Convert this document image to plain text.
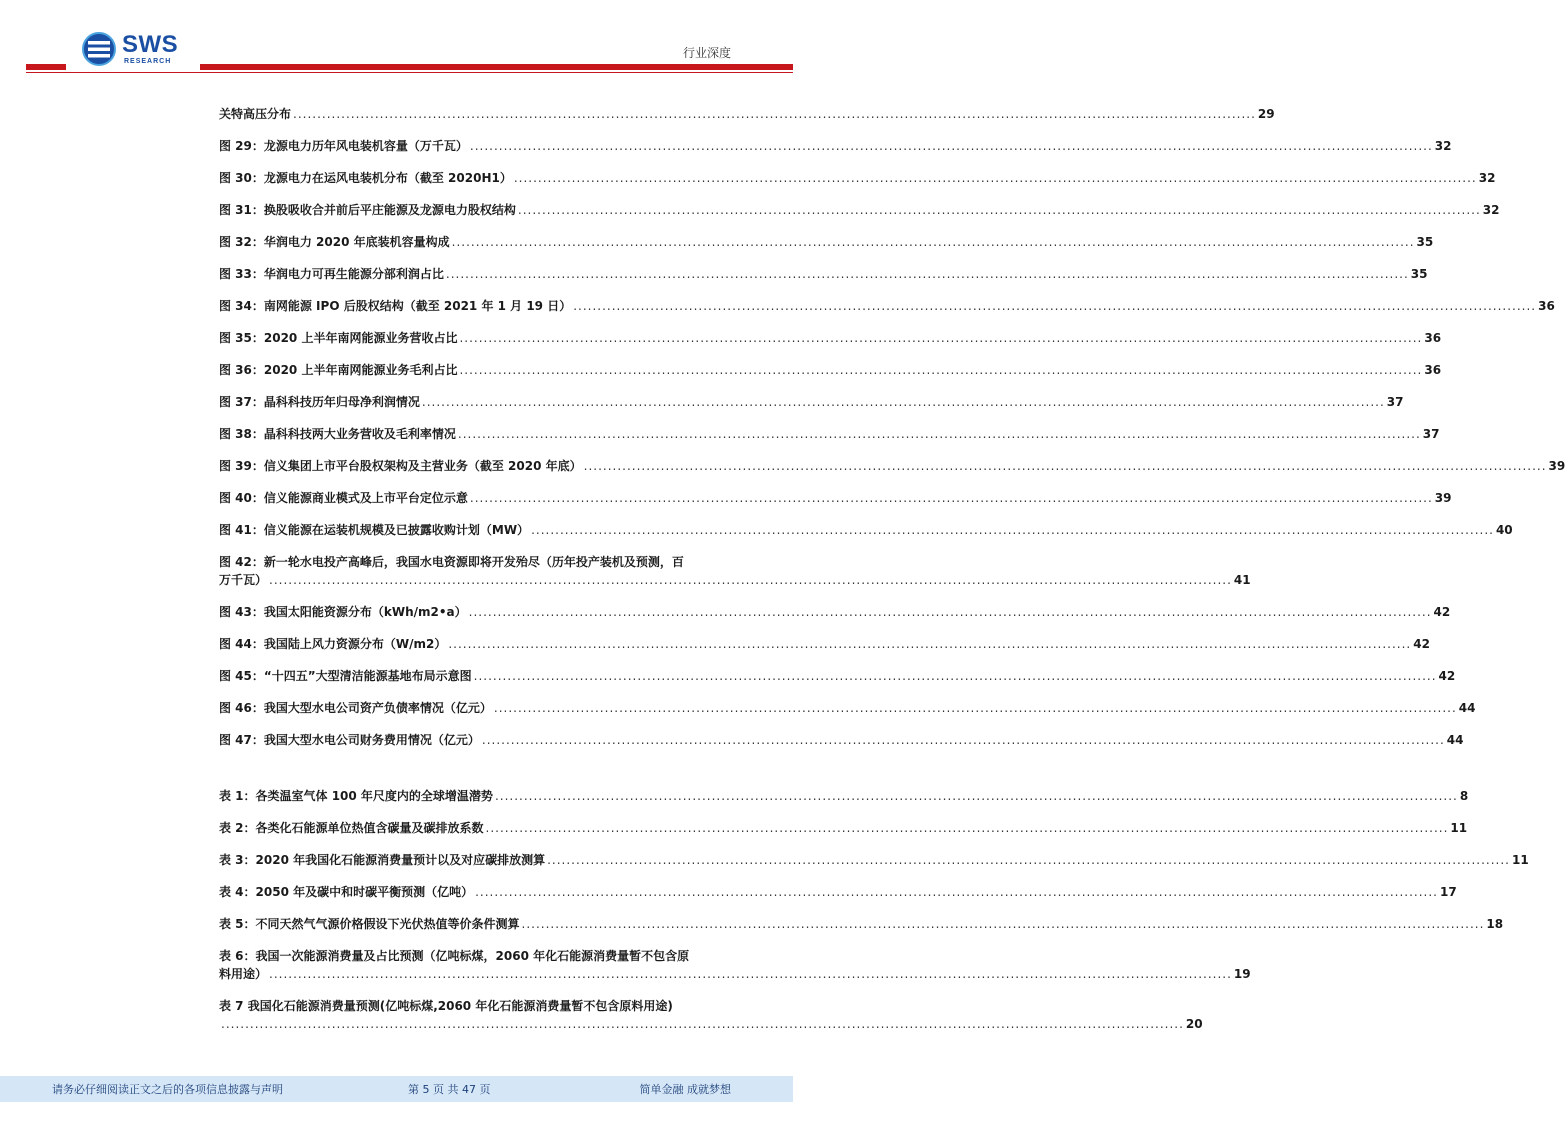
SWS
RESEARCH
行业深度
关特高压分布 ........................................................................................................................................................................................................ 29
图 29：龙源电力历年风电装机容量（万千瓦） ........................................................................................................................................................................................................ 32
图 30：龙源电力在运风电装机分布（截至 2020H1） ........................................................................................................................................................................................................ 32
图 31：换股吸收合并前后平庄能源及龙源电力股权结构 ........................................................................................................................................................................................................ 32
图 32：华润电力 2020 年底装机容量构成 ........................................................................................................................................................................................................ 35
图 33：华润电力可再生能源分部利润占比 ........................................................................................................................................................................................................ 35
图 34：南网能源 IPO 后股权结构（截至 2021 年 1 月 19 日） ........................................................................................................................................................................................................ 36
图 35：2020 上半年南网能源业务营收占比 ........................................................................................................................................................................................................ 36
图 36：2020 上半年南网能源业务毛利占比 ........................................................................................................................................................................................................ 36
图 37：晶科科技历年归母净利润情况 ........................................................................................................................................................................................................ 37
图 38：晶科科技两大业务营收及毛利率情况 ........................................................................................................................................................................................................ 37
图 39：信义集团上市平台股权架构及主营业务（截至 2020 年底） ........................................................................................................................................................................................................ 39
图 40：信义能源商业模式及上市平台定位示意 ........................................................................................................................................................................................................ 39
图 41：信义能源在运装机规模及已披露收购计划（MW） ........................................................................................................................................................................................................ 40
图 42：新一轮水电投产高峰后，我国水电资源即将开发殆尽（历年投产装机及预测，百
万千瓦） ........................................................................................................................................................................................................ 41
图 43：我国太阳能资源分布（kWh/m2•a） ........................................................................................................................................................................................................ 42
图 44：我国陆上风力资源分布（W/m2） ........................................................................................................................................................................................................ 42
图 45：“十四五”大型清洁能源基地布局示意图 ........................................................................................................................................................................................................ 42
图 46：我国大型水电公司资产负债率情况（亿元） ........................................................................................................................................................................................................ 44
图 47：我国大型水电公司财务费用情况（亿元） ........................................................................................................................................................................................................ 44
表 1：各类温室气体 100 年尺度内的全球增温潜势 ........................................................................................................................................................................................................ 8
表 2：各类化石能源单位热值含碳量及碳排放系数 ........................................................................................................................................................................................................ 11
表 3：2020 年我国化石能源消费量预计以及对应碳排放测算 ........................................................................................................................................................................................................ 11
表 4：2050 年及碳中和时碳平衡预测（亿吨） ........................................................................................................................................................................................................ 17
表 5：不同天然气气源价格假设下光伏热值等价条件测算 ........................................................................................................................................................................................................ 18
表 6：我国一次能源消费量及占比预测（亿吨标煤，2060 年化石能源消费量暂不包含原
料用途） ........................................................................................................................................................................................................ 19
表 7 我国化石能源消费量预测(亿吨标煤,2060 年化石能源消费量暂不包含原料用途)
........................................................................................................................................................................................................ 20
请务必仔细阅读正文之后的各项信息披露与声明	第 5 页 共 47 页	简单金融 成就梦想
